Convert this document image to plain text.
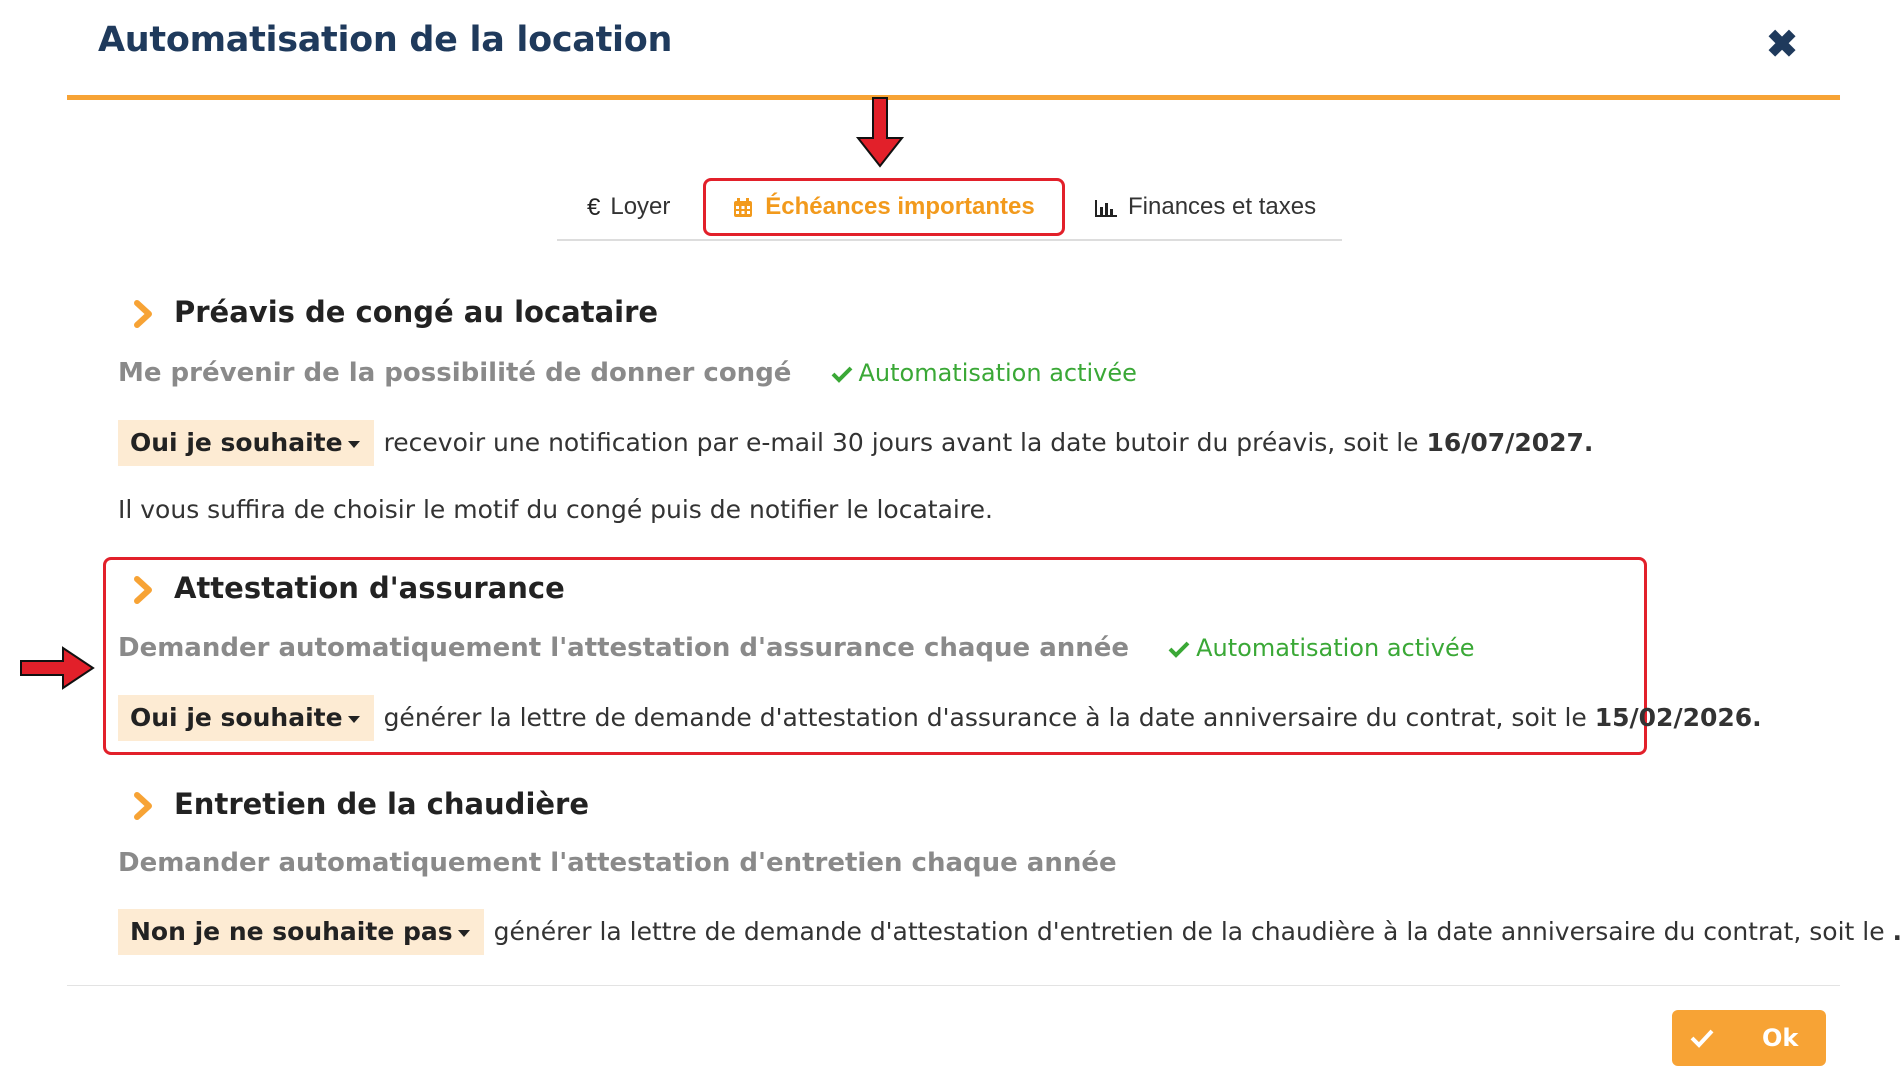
Automatisation de la location	✖
€ Loyer	Échéances importantes	Finances et taxes
Préavis de congé au locataire
Me prévenir de la possibilité de donner congé	Automatisation activée
Oui je souhaite recevoir une notification par e-mail 30 jours avant la date butoir du préavis, soit le 16/07/2027.
Il vous suffira de choisir le motif du congé puis de notifier le locataire.
Attestation d'assurance
Demander automatiquement l'attestation d'assurance chaque année	Automatisation activée
Oui je souhaite générer la lettre de demande d'attestation d'assurance à la date anniversaire du contrat, soit le 15/02/2026.
Entretien de la chaudière
Demander automatiquement l'attestation d'entretien chaque année
Non je ne souhaite pas générer la lettre de demande d'attestation d'entretien de la chaudière à la date anniversaire du contrat, soit le .
Ok
